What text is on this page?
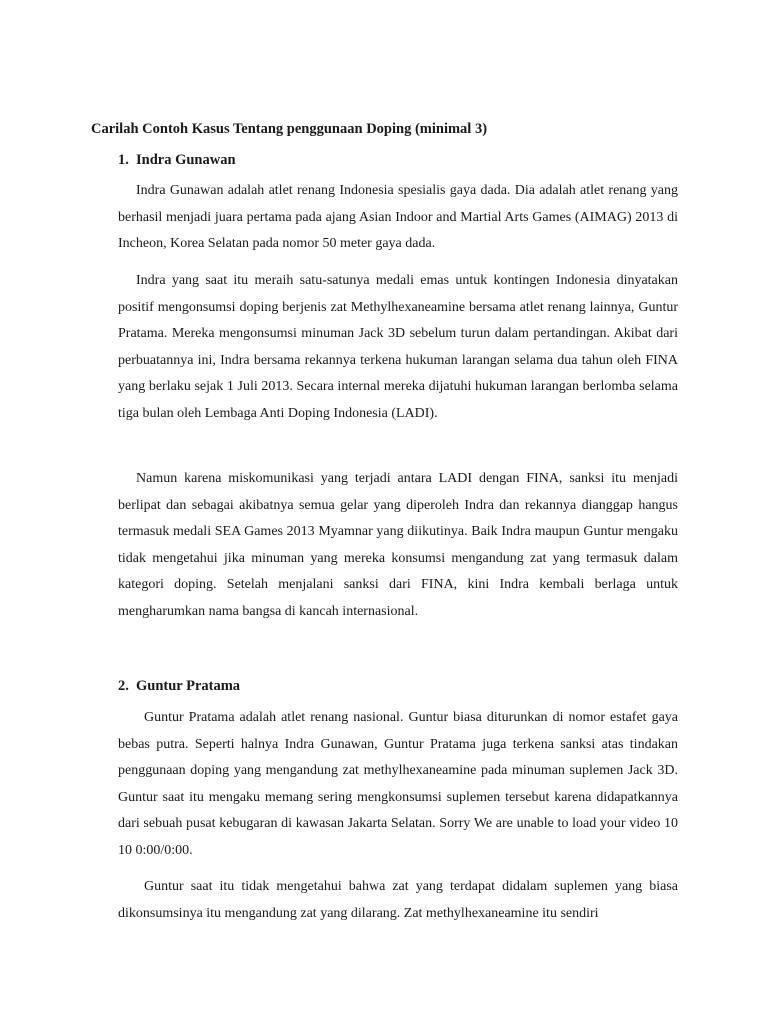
Carilah Contoh Kasus Tentang penggunaan Doping (minimal 3)
1. Indra Gunawan

Indra Gunawan adalah atlet renang Indonesia spesialis gaya dada. Dia adalah atlet renang yang berhasil menjadi juara pertama pada ajang Asian Indoor and Martial Arts Games (AIMAG) 2013 di Incheon, Korea Selatan pada nomor 50 meter gaya dada.

Indra yang saat itu meraih satu-satunya medali emas untuk kontingen Indonesia dinyatakan positif mengonsumsi doping berjenis zat Methylhexaneamine bersama atlet renang lainnya, Guntur Pratama. Mereka mengonsumsi minuman Jack 3D sebelum turun dalam pertandingan. Akibat dari perbuatannya ini, Indra bersama rekannya terkena hukuman larangan selama dua tahun oleh FINA yang berlaku sejak 1 Juli 2013. Secara internal mereka dijatuhi hukuman larangan berlomba selama tiga bulan oleh Lembaga Anti Doping Indonesia (LADI).

Namun karena miskomunikasi yang terjadi antara LADI dengan FINA, sanksi itu menjadi berlipat dan sebagai akibatnya semua gelar yang diperoleh Indra dan rekannya dianggap hangus termasuk medali SEA Games 2013 Myamnar yang diikutinya. Baik Indra maupun Guntur mengaku tidak mengetahui jika minuman yang mereka konsumsi mengandung zat yang termasuk dalam kategori doping. Setelah menjalani sanksi dari FINA, kini Indra kembali berlaga untuk mengharumkan nama bangsa di kancah internasional.

2. Guntur Pratama

Guntur Pratama adalah atlet renang nasional. Guntur biasa diturunkan di nomor estafet gaya bebas putra. Seperti halnya Indra Gunawan, Guntur Pratama juga terkena sanksi atas tindakan penggunaan doping yang mengandung zat methylhexaneamine pada minuman suplemen Jack 3D. Guntur saat itu mengaku memang sering mengkonsumsi suplemen tersebut karena didapatkannya dari sebuah pusat kebugaran di kawasan Jakarta Selatan. Sorry We are unable to load your video 10 10 0:00/0:00.

Guntur saat itu tidak mengetahui bahwa zat yang terdapat didalam suplemen yang biasa dikonsumsinya itu mengandung zat yang dilarang. Zat methylhexaneamine itu sendiri
